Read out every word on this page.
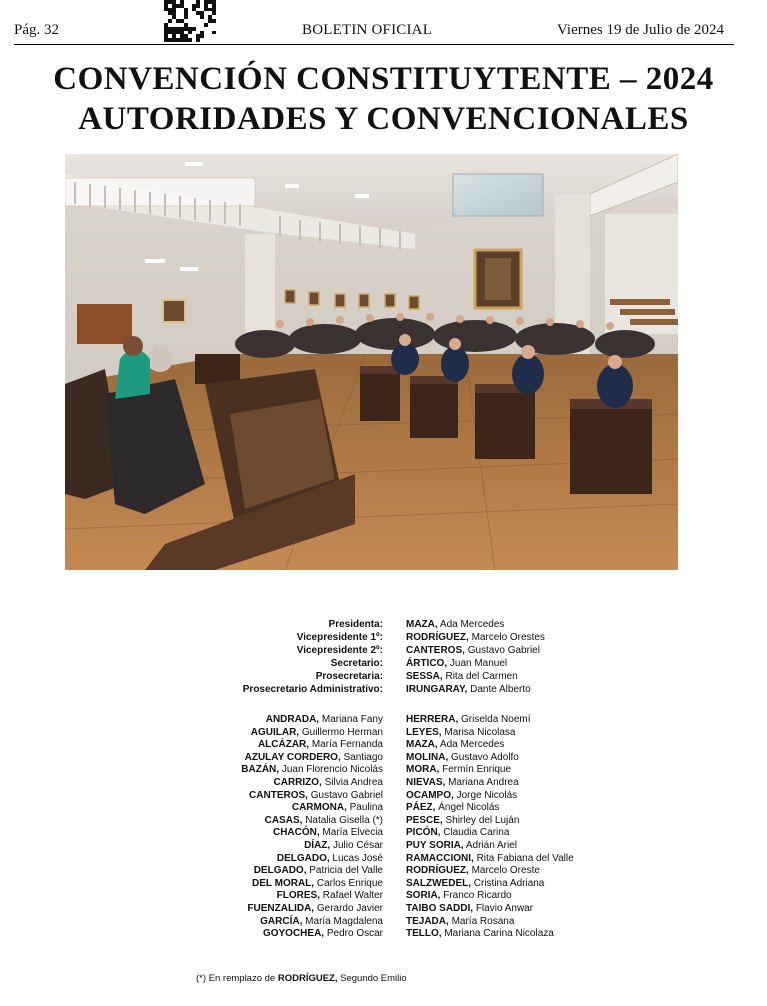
Pág. 32	BOLETIN OFICIAL	Viernes 19 de Julio de 2024
CONVENCIÓN CONSTITUYTENTE – 2024
AUTORIDADES Y CONVENCIONALES
Presidenta:
Vicepresidente 1º:
Vicepresidente 2º:
Secretario:
Prosecretaria:
Prosecretario Administrativo:
MAZA, Ada Mercedes
RODRÍGUEZ, Marcelo Orestes
CANTEROS, Gustavo Gabriel
ÁRTICO, Juan Manuel
SESSA, Rita del Carmen
IRUNGARAY, Dante Alberto
ANDRADA, Mariana Fany
AGUILAR, Guillermo Herman
ALCÁZAR, María Fernanda
AZULAY CORDERO, Santiago
BAZÁN, Juan Florencio Nicolás
CARRIZO, Silvia Andrea
CANTEROS, Gustavo Gabriel
CARMONA, Paulina
CASAS, Natalia Gisella (*)
CHACÓN, María Elvecia
DÍAZ, Julio César
DELGADO, Lucas José
DELGADO, Patricia del Valle
DEL MORAL, Carlos Enrique
FLORES, Rafael Walter
FUENZALIDA, Gerardo Javier
GARCÍA, María Magdalena
GOYOCHEA, Pedro Oscar
HERRERA, Griselda Noemí
LEYES, Marisa Nicolasa
MAZA, Ada Mercedes
MOLINA, Gustavo Adolfo
MORA, Fermín Enrique
NIEVAS, Mariana Andrea
OCAMPO, Jorge Nicolás
PÁEZ, Ángel Nicolás
PESCE, Shirley del Luján
PICÓN, Claudia Carina
PUY SORIA, Adrián Ariel
RAMACCIONI, Rita Fabiana del Valle
RODRÍGUEZ, Marcelo Oreste
SALZWEDEL, Cristina Adriana
SORIA, Franco Ricardo
TAIBO SADDI, Flavio Anwar
TEJADA, María Rosana
TELLO, Mariana Carina Nicolaza
(*) En remplazo de RODRÍGUEZ, Segundo Emilio
